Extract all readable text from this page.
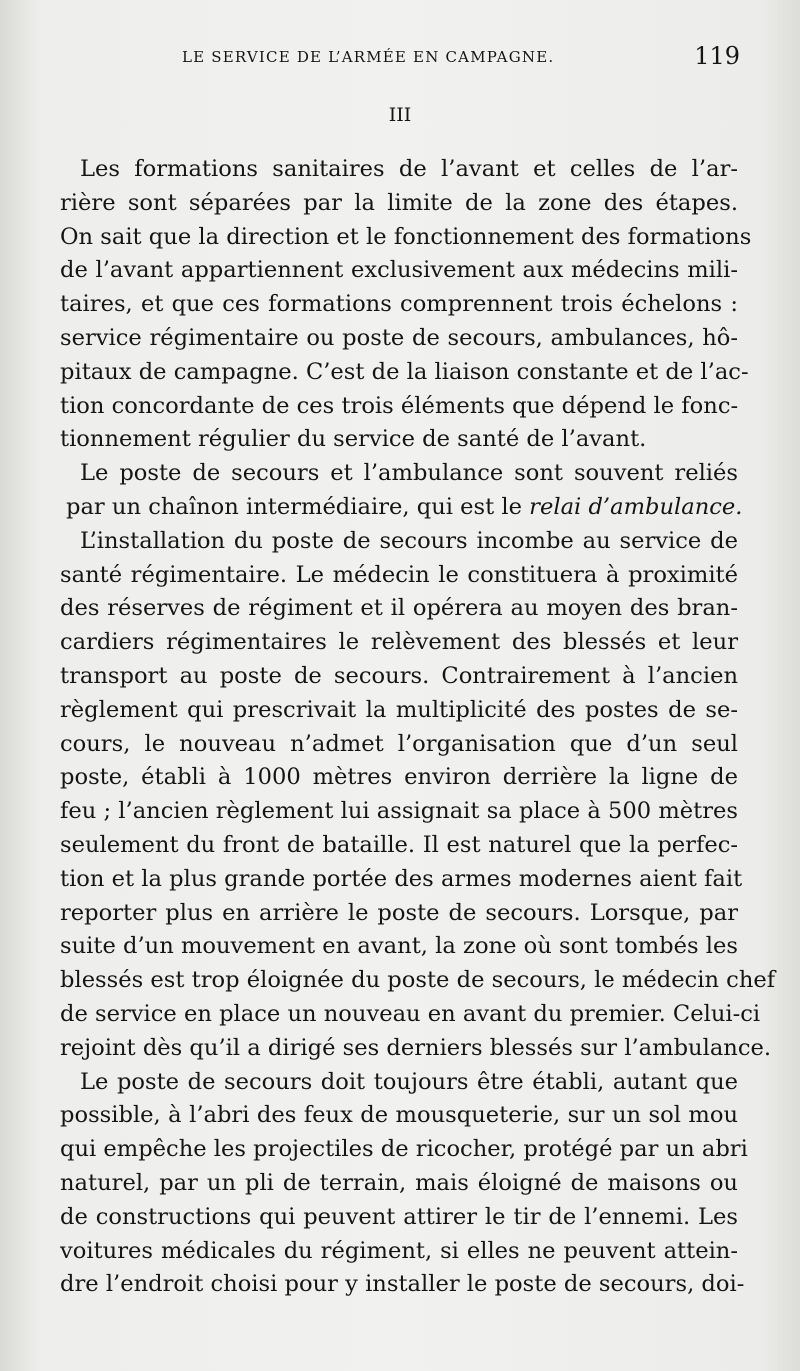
LE SERVICE DE L’ARMÉE EN CAMPAGNE.	119
III
Les formations sanitaires de l’avant et celles de l’ar-
rière sont séparées par la limite de la zone des étapes.
On sait que la direction et le fonctionnement des formations
de l’avant appartiennent exclusivement aux médecins mili-
taires, et que ces formations comprennent trois échelons :
service régimentaire ou poste de secours, ambulances, hô-
pitaux de campagne. C’est de la liaison constante et de l’ac-
tion concordante de ces trois éléments que dépend le fonc-
tionnement régulier du service de santé de l’avant.
Le poste de secours et l’ambulance sont souvent reliés
par un chaînon intermédiaire, qui est le relai d’ambulance.
L’installation du poste de secours incombe au service de
santé régimentaire. Le médecin le constituera à proximité
des réserves de régiment et il opérera au moyen des bran-
cardiers régimentaires le relèvement des blessés et leur
transport au poste de secours. Contrairement à l’ancien
règlement qui prescrivait la multiplicité des postes de se-
cours, le nouveau n’admet l’organisation que d’un seul
poste, établi à 1000 mètres environ derrière la ligne de
feu ; l’ancien règlement lui assignait sa place à 500 mètres
seulement du front de bataille. Il est naturel que la perfec-
tion et la plus grande portée des armes modernes aient fait
reporter plus en arrière le poste de secours. Lorsque, par
suite d’un mouvement en avant, la zone où sont tombés les
blessés est trop éloignée du poste de secours, le médecin chef
de service en place un nouveau en avant du premier. Celui-ci
rejoint dès qu’il a dirigé ses derniers blessés sur l’ambulance.
Le poste de secours doit toujours être établi, autant que
possible, à l’abri des feux de mousqueterie, sur un sol mou
qui empêche les projectiles de ricocher, protégé par un abri
naturel, par un pli de terrain, mais éloigné de maisons ou
de constructions qui peuvent attirer le tir de l’ennemi. Les
voitures médicales du régiment, si elles ne peuvent attein-
dre l’endroit choisi pour y installer le poste de secours, doi-
